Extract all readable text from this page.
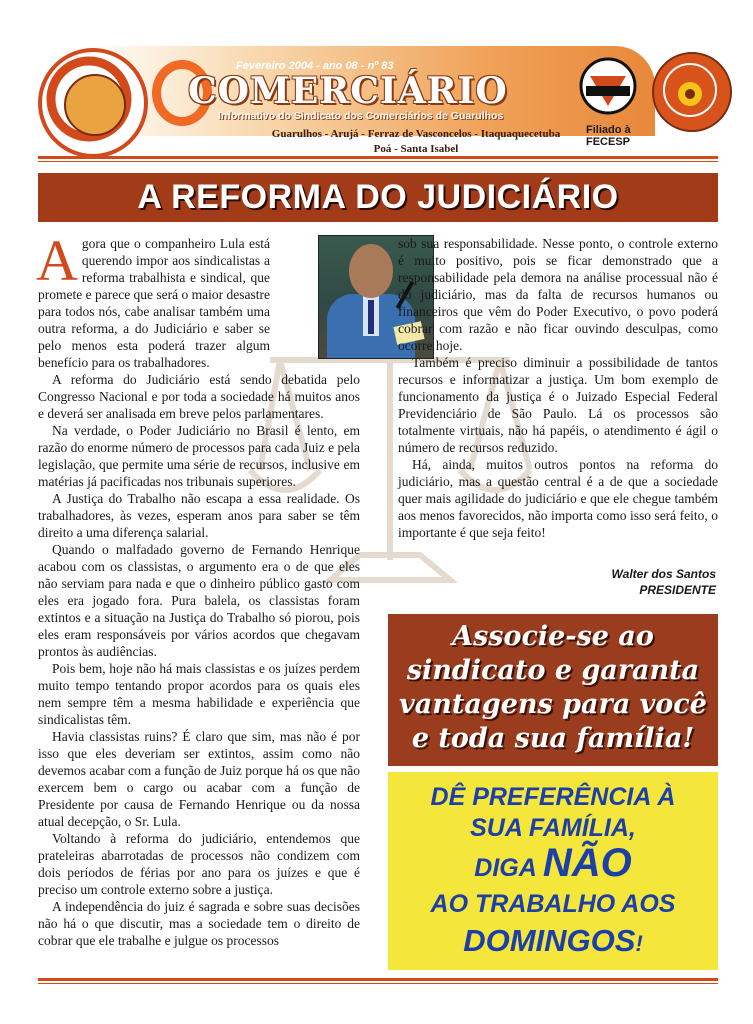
Fevereiro 2004 - ano 08 - nº 83
COMERCIÁRIO
Informativo do Sindicato dos Comerciários de Guarulhos
Guarulhos - Arujá - Ferraz de Vasconcelos - Itaquaquecetuba
Poá - Santa Isabel
Filiado à
FECESP
A REFORMA DO JUDICIÁRIO

Agora que o companheiro Lula está querendo impor aos sindicalistas a reforma trabalhista e sindical, que promete e parece que será o maior desastre para todos nós, cabe analisar também uma outra reforma, a do Judiciário e saber se pelo menos esta poderá trazer algum benefício para os trabalhadores.

A reforma do Judiciário está sendo debatida pelo Congresso Nacional e por toda a sociedade há muitos anos e deverá ser analisada em breve pelos parlamentares.

Na verdade, o Poder Judiciário no Brasil é lento, em razão do enorme número de processos para cada Juiz e pela legislação, que permite uma série de recursos, inclusive em matérias já pacificadas nos tribunais superiores.

A Justiça do Trabalho não escapa a essa realidade. Os trabalhadores, às vezes, esperam anos para saber se têm direito a uma diferença salarial.

Quando o malfadado governo de Fernando Henrique acabou com os classistas, o argumento era o de que eles não serviam para nada e que o dinheiro público gasto com eles era jogado fora. Pura balela, os classistas foram extintos e a situação na Justiça do Trabalho só piorou, pois eles eram responsáveis por vários acordos que chegavam prontos às audiências.

Pois bem, hoje não há mais classistas e os juízes perdem muito tempo tentando propor acordos para os quais eles nem sempre têm a mesma habilidade e experiência que sindicalistas têm.

Havia classistas ruins? É claro que sim, mas não é por isso que eles deveriam ser extintos, assim como não devemos acabar com a função de Juiz porque há os que não exercem bem o cargo ou acabar com a função de Presidente por causa de Fernando Henrique ou da nossa atual decepção, o Sr. Lula.

Voltando à reforma do judiciário, entendemos que prateleiras abarrotadas de processos não condizem com dois períodos de férias por ano para os juízes e que é preciso um controle externo sobre a justiça.

A independência do juiz é sagrada e sobre suas decisões não há o que discutir, mas a sociedade tem o direito de cobrar que ele trabalhe e julgue os processos

sob sua responsabilidade. Nesse ponto, o controle externo é muito positivo, pois se ficar demonstrado que a responsabilidade pela demora na análise processual não é do judiciário, mas da falta de recursos humanos ou financeiros que vêm do Poder Executivo, o povo poderá cobrar com razão e não ficar ouvindo desculpas, como ocorre hoje.

Também é preciso diminuir a possibilidade de tantos recursos e informatizar a justiça. Um bom exemplo de funcionamento da justiça é o Juizado Especial Federal Previdenciário de São Paulo. Lá os processos são totalmente virtuais, não há papéis, o atendimento é ágil o número de recursos reduzido.

Há, ainda, muitos outros pontos na reforma do judiciário, mas a questão central é a de que a sociedade quer mais agilidade do judiciário e que ele chegue também aos menos favorecidos, não importa como isso será feito, o importante é que seja feito!

Walter dos Santos
PRESIDENTE
Associe-se ao
sindicato e garanta
vantagens para você
e toda sua família!
DÊ PREFERÊNCIA À
SUA FAMÍLIA,
DIGA NÃO
AO TRABALHO AOS
DOMINGOS!
